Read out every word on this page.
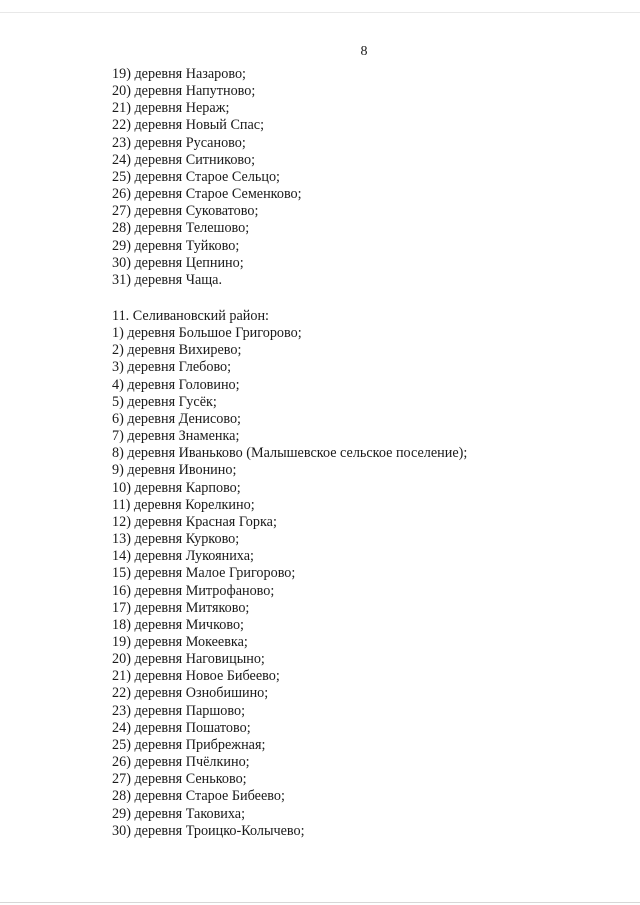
8
19) деревня Назарово;
20) деревня Напутново;
21) деревня Нераж;
22) деревня Новый Спас;
23) деревня Русаново;
24) деревня Ситниково;
25) деревня Старое Сельцо;
26) деревня Старое Семенково;
27) деревня Суковатово;
28) деревня Телешово;
29) деревня Туйково;
30) деревня Цепнино;
31) деревня Чаща.
11. Селивановский район:
1) деревня Большое Григорово;
2) деревня Вихирево;
3) деревня Глебово;
4) деревня Головино;
5) деревня Гусёк;
6) деревня Денисово;
7) деревня Знаменка;
8) деревня Иваньково (Малышевское сельское поселение);
9) деревня Ивонино;
10) деревня Карпово;
11) деревня Корелкино;
12) деревня Красная Горка;
13) деревня Курково;
14) деревня Лукояниха;
15) деревня Малое Григорово;
16) деревня Митрофаново;
17) деревня Митяково;
18) деревня Мичково;
19) деревня Мокеевка;
20) деревня Наговицыно;
21) деревня Новое Бибеево;
22) деревня Ознобишино;
23) деревня Паршово;
24) деревня Пошатово;
25) деревня Прибрежная;
26) деревня Пчёлкино;
27) деревня Сеньково;
28) деревня Старое Бибеево;
29) деревня Таковиха;
30) деревня Троицко-Колычево;
